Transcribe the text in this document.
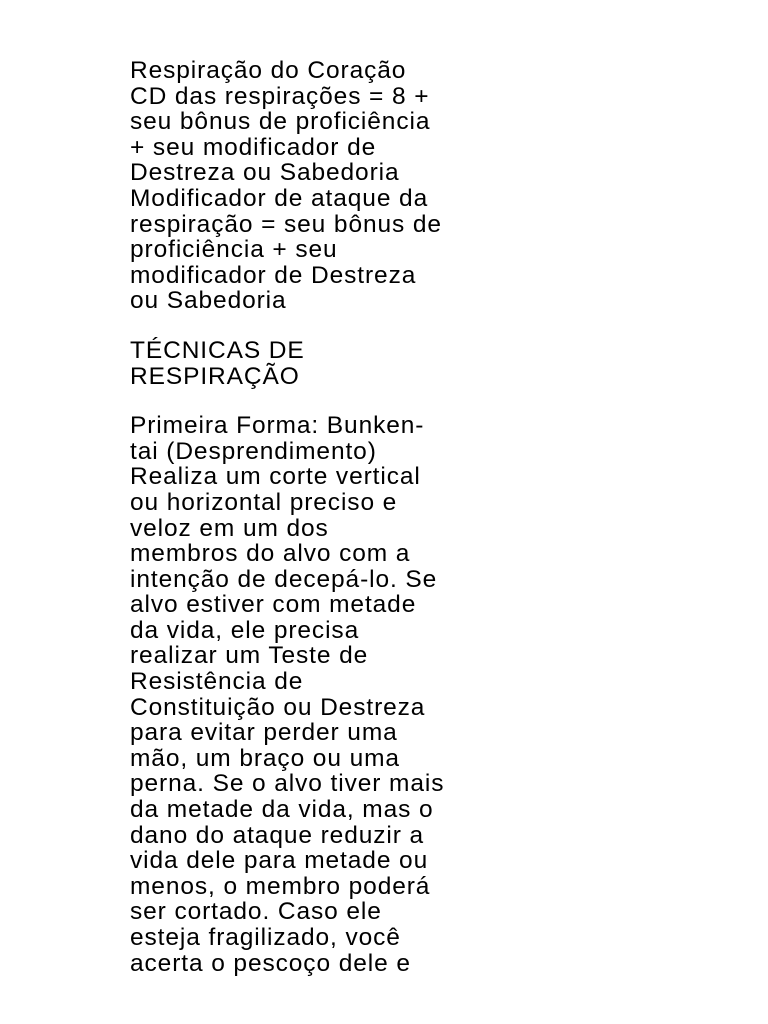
Respiração do Coração
CD das respirações = 8 +
seu bônus de proficiência
+ seu modificador de
Destreza ou Sabedoria
Modificador de ataque da
respiração = seu bônus de
proficiência + seu
modificador de Destreza
ou Sabedoria
TÉCNICAS DE
RESPIRAÇÃO
Primeira Forma: Bunken-
tai (Desprendimento)
Realiza um corte vertical
ou horizontal preciso e
veloz em um dos
membros do alvo com a
intenção de decepá-lo. Se
alvo estiver com metade
da vida, ele precisa
realizar um Teste de
Resistência de
Constituição ou Destreza
para evitar perder uma
mão, um braço ou uma
perna. Se o alvo tiver mais
da metade da vida, mas o
dano do ataque reduzir a
vida dele para metade ou
menos, o membro poderá
ser cortado. Caso ele
esteja fragilizado, você
acerta o pescoço dele e
